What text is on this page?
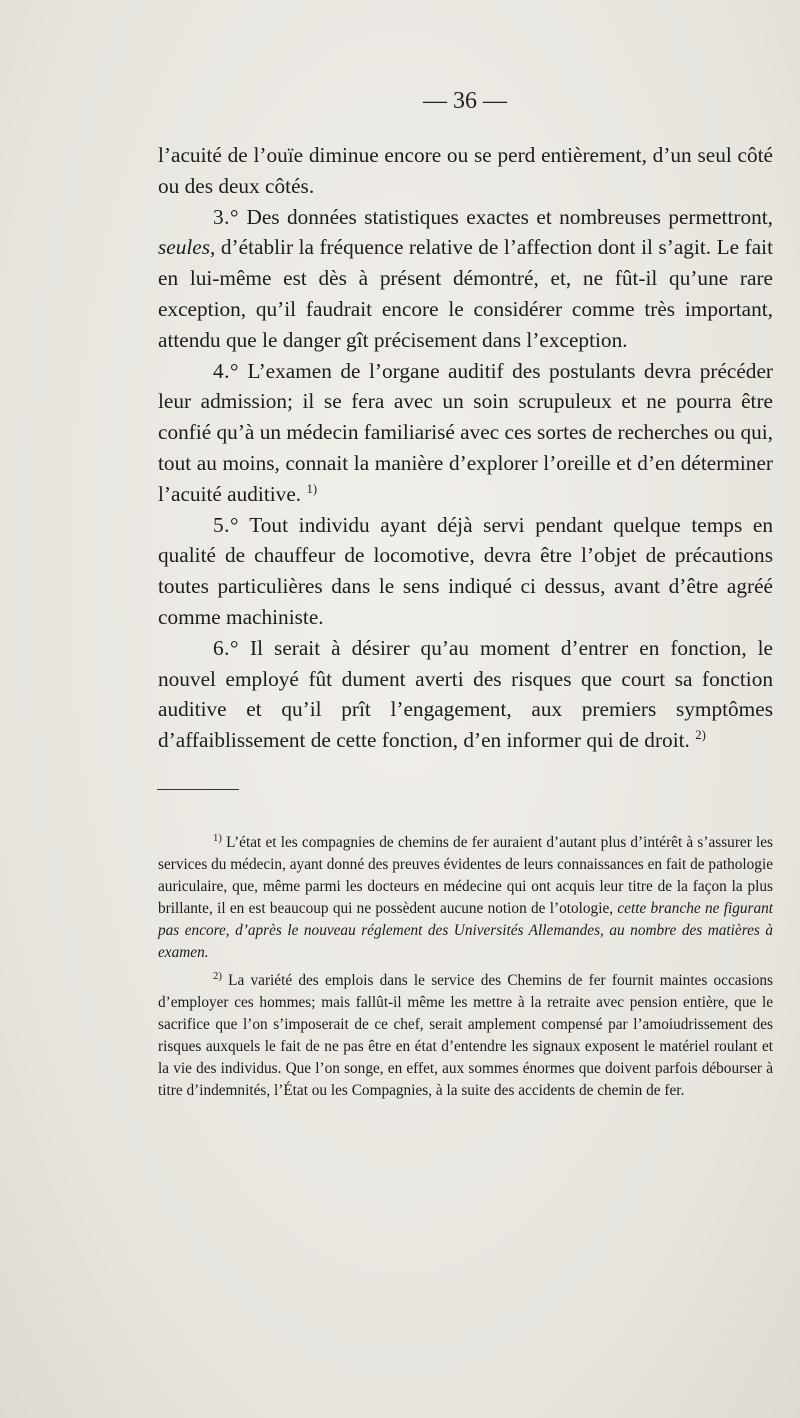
— 36 —

l’acuité de l’ouïe diminue encore ou se perd entièrement, d’un seul côté ou des deux côtés.

3.° Des données statistiques exactes et nombreuses permettront, seules, d’établir la fréquence relative de l’affection dont il s’agit. Le fait en lui-même est dès à présent démontré, et, ne fût-il qu’une rare exception, qu’il faudrait encore le considérer comme très important, attendu que le danger gît précisement dans l’exception.

4.° L’examen de l’organe auditif des postulants devra précéder leur admission; il se fera avec un soin scrupuleux et ne pourra être confié qu’à un médecin familiarisé avec ces sortes de recherches ou qui, tout au moins, connait la manière d’explorer l’oreille et d’en déterminer l’acuité auditive. $^{1)}$

5.° Tout individu ayant déjà servi pendant quelque temps en qualité de chauffeur de locomotive, devra être l’objet de précautions toutes particulières dans le sens indiqué ci dessus, avant d’être agréé comme machiniste.

6.° Il serait à désirer qu’au moment d’entrer en fonction, le nouvel employé fût dument averti des risques que court sa fonction auditive et qu’il prît l’engagement, aux premiers symptômes d’affaiblissement de cette fonction, d’en informer qui de droit. $^{2)}$

$^{1)}$ L’état et les compagnies de chemins de fer auraient d’autant plus d’intérêt à s’assurer les services du médecin, ayant donné des preuves évidentes de leurs connaissances en fait de pathologie auriculaire, que, même parmi les docteurs en médecine qui ont acquis leur titre de la façon la plus brillante, il en est beaucoup qui ne possèdent aucune notion de l’otologie, cette branche ne figurant pas encore, d’après le nouveau réglement des Universités Allemandes, au nombre des matières à examen.

$^{2)}$ La variété des emplois dans le service des Chemins de fer fournit maintes occasions d’employer ces hommes; mais fallût-il même les mettre à la retraite avec pension entière, que le sacrifice que l’on s’imposerait de ce chef, serait amplement compensé par l’amoiudrissement des risques auxquels le fait de ne pas être en état d’entendre les signaux exposent le matériel roulant et la vie des individus. Que l’on songe, en effet, aux sommes énormes que doivent parfois débourser à titre d’indemnités, l’État ou les Compagnies, à la suite des accidents de chemin de fer.
